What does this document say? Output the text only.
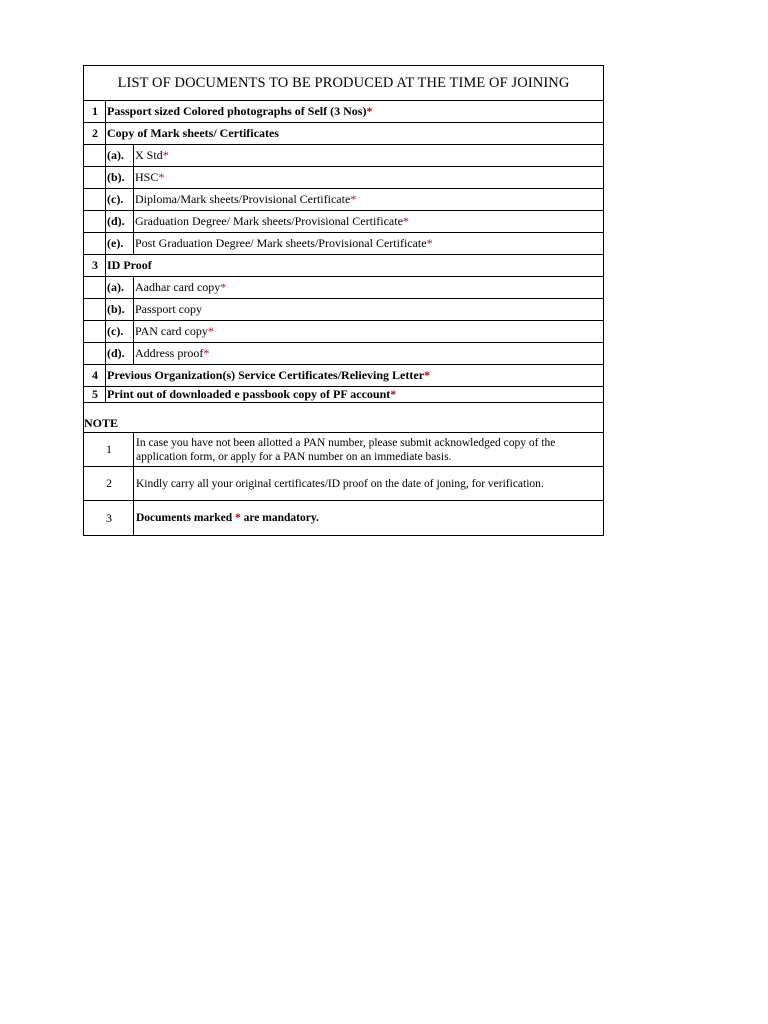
LIST OF DOCUMENTS TO BE PRODUCED AT THE TIME OF JOINING
1 Passport sized Colored photographs of Self (3 Nos) *
2 Copy of Mark sheets/ Certificates
(a). X Std *
(b). HSC *
(c). Diploma/Mark sheets/Provisional Certificate *
(d). Graduation Degree/ Mark sheets/Provisional Certificate *
(e). Post Graduation Degree/ Mark sheets/Provisional Certificate *
3 ID Proof
(a). Aadhar card copy *
(b). Passport copy
(c). PAN card copy *
(d). Address proof *
4 Previous Organization(s) Service Certificates/Relieving Letter *
5 Print out of downloaded e passbook copy of PF account *
NOTE
1	In case you have not been allotted a PAN number, please submit acknowledged copy of the application form, or apply for a PAN number on an immediate basis.
2	Kindly carry all your original certificates/ID proof on the date of joning, for verification.
3	Documents marked
*
are mandatory.
